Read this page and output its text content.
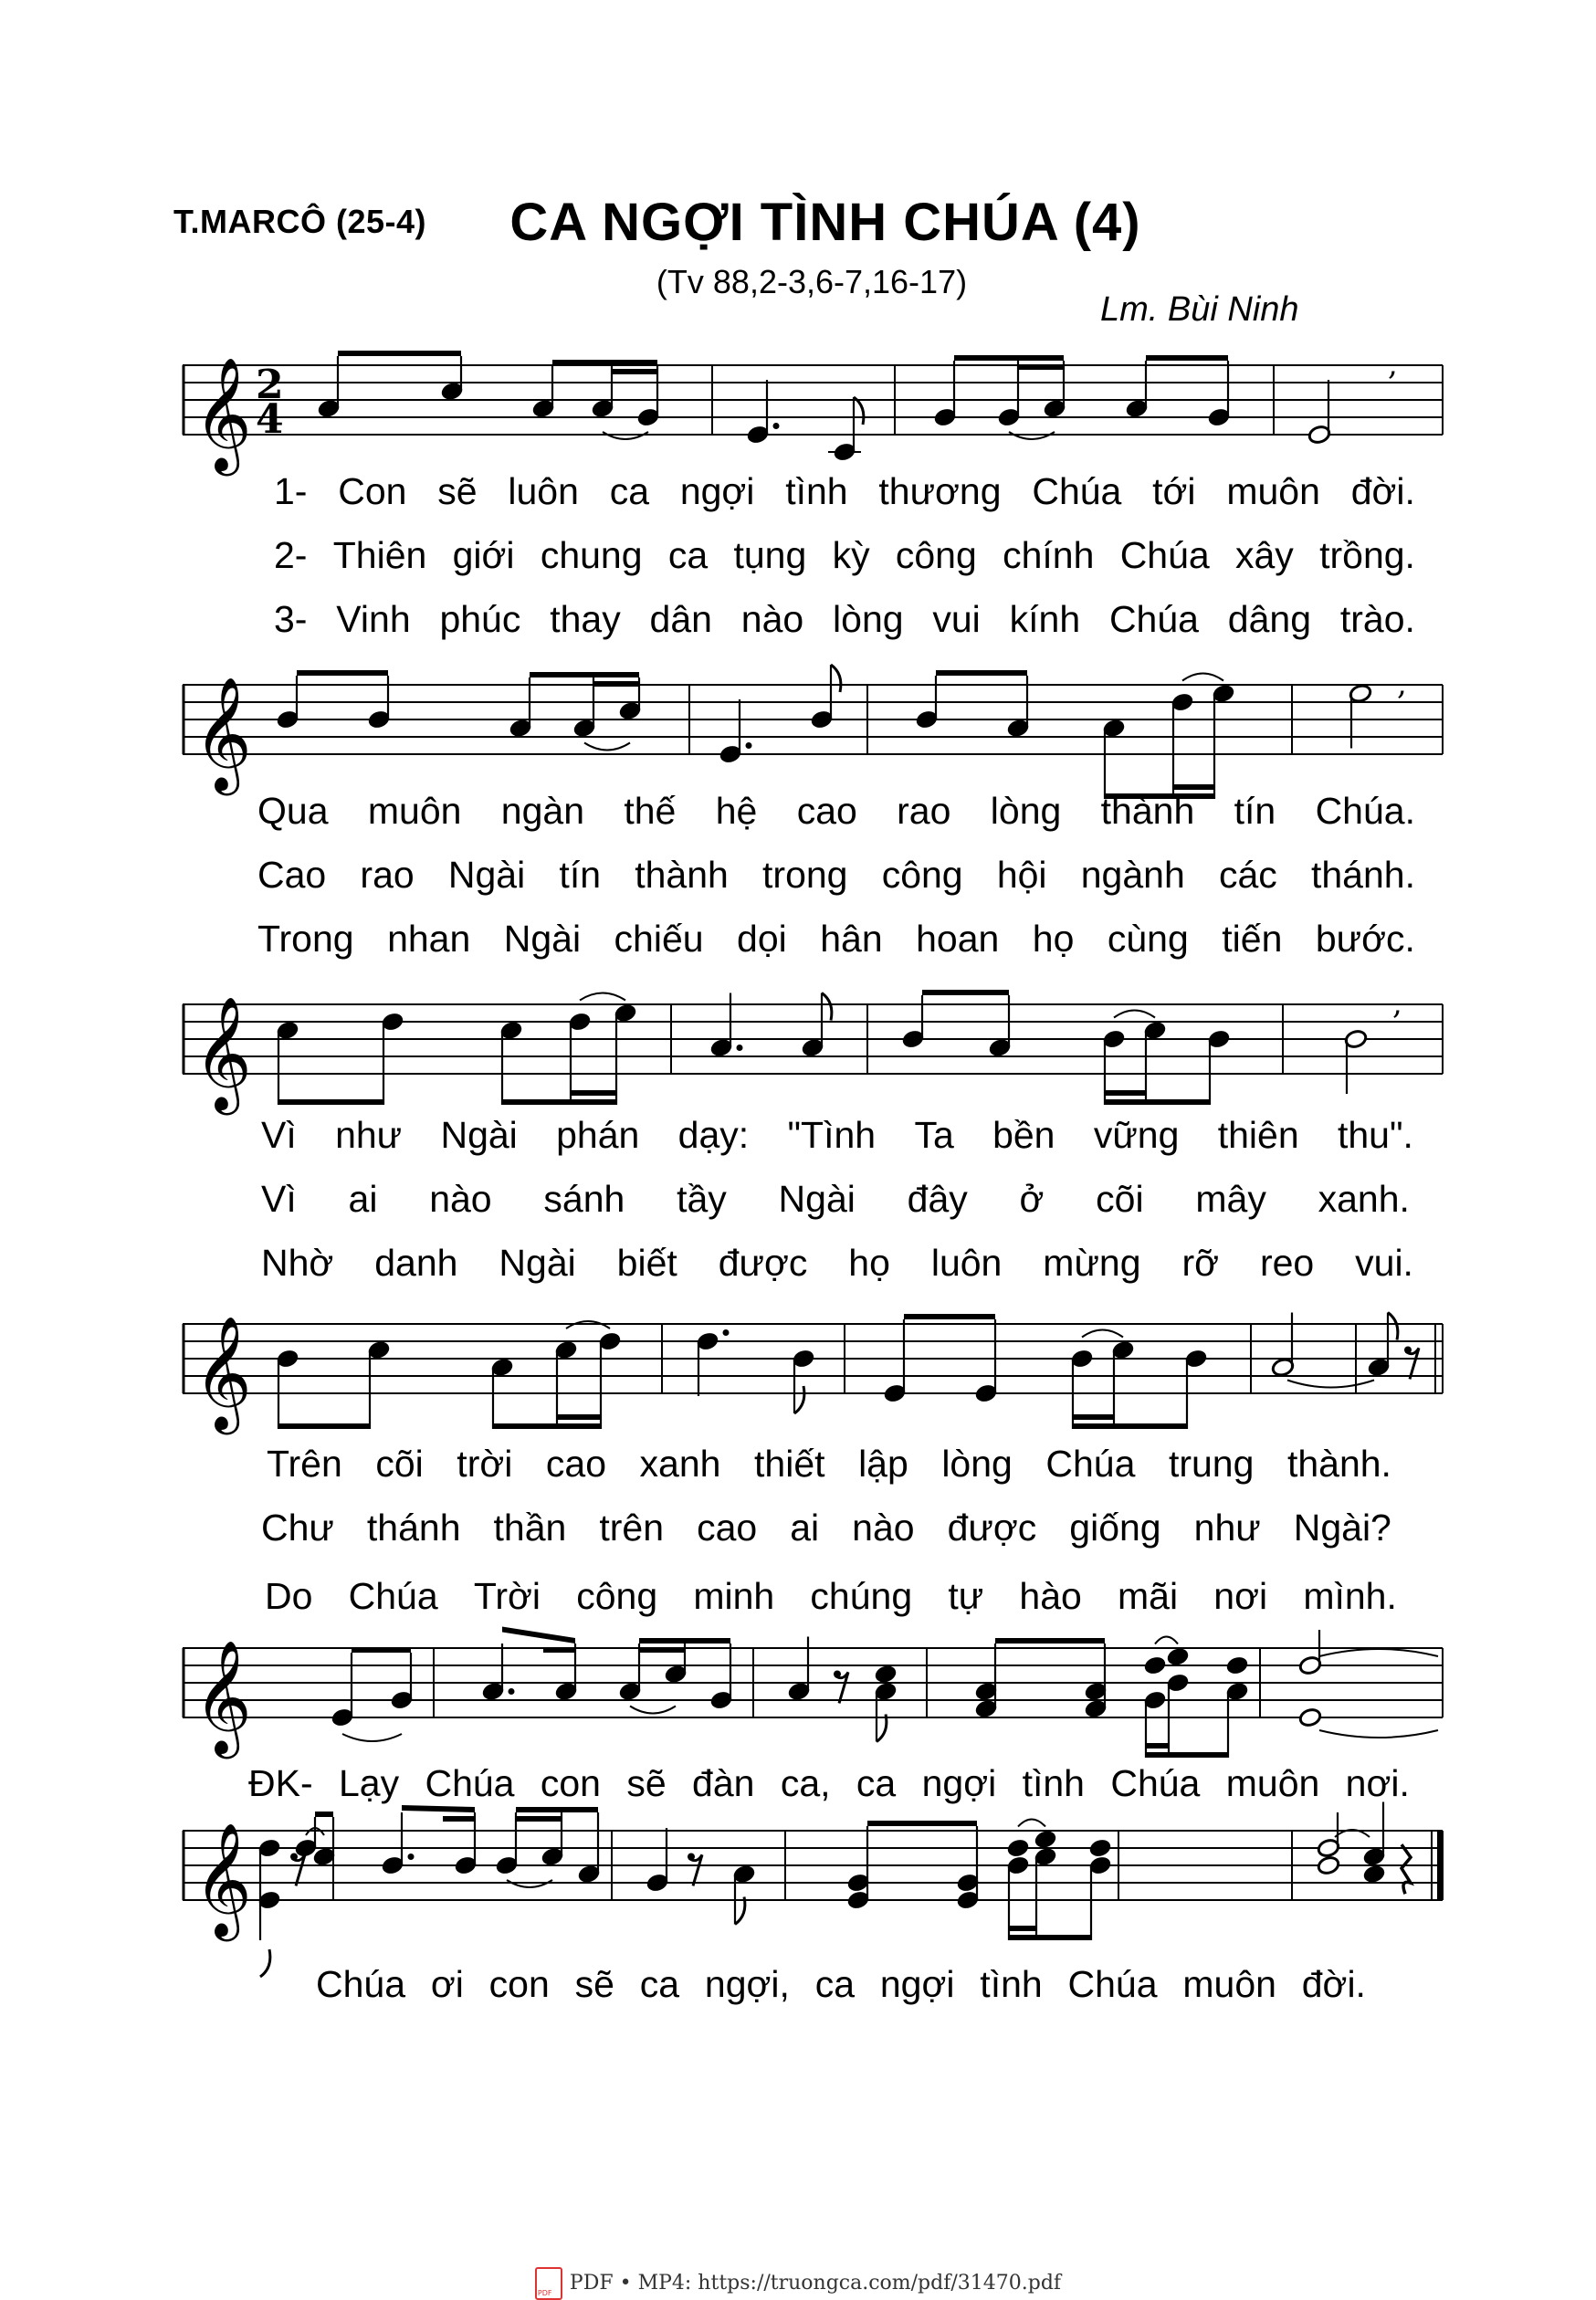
T.MARCÔ (25-4)	CA NGỢI TÌNH CHÚA (4)
(Tv 88,2-3,6-7,16-17)
Lm. Bùi Ninh
𝄞 2
4
,
𝄞	,
𝄞	,
𝄞
𝄞
𝄞
1- Con sẽ luôn ca ngợi tình thương Chúa tới muôn đời.
2- Thiên giới chung ca tụng kỳ công chính Chúa xây trồng.
3- Vinh phúc thay dân nào lòng vui kính Chúa dâng trào.
Qua muôn ngàn thế hệ cao rao lòng thành tín Chúa.
Cao rao Ngài tín thành trong công hội ngành các thánh.
Trong nhan Ngài chiếu dọi hân hoan họ cùng tiến bước.
Vì như Ngài phán dạy: "Tình Ta bền vững thiên thu".
Vì ai nào sánh tầy Ngài đây ở cõi mây xanh.
Nhờ danh Ngài biết được họ luôn mừng rỡ reo vui.
Trên cõi trời cao xanh thiết lập lòng Chúa trung thành.
Chư thánh thần trên cao ai nào được giống như Ngài?
Do Chúa Trời công minh chúng tự hào mãi nơi mình.
ĐK- Lạy Chúa con sẽ đàn ca, ca ngợi tình Chúa muôn nơi.
Chúa ơi con sẽ ca ngợi, ca ngợi tình Chúa muôn đời.
PDFPDF • MP4: https://truongca.com/pdf/31470.pdf
